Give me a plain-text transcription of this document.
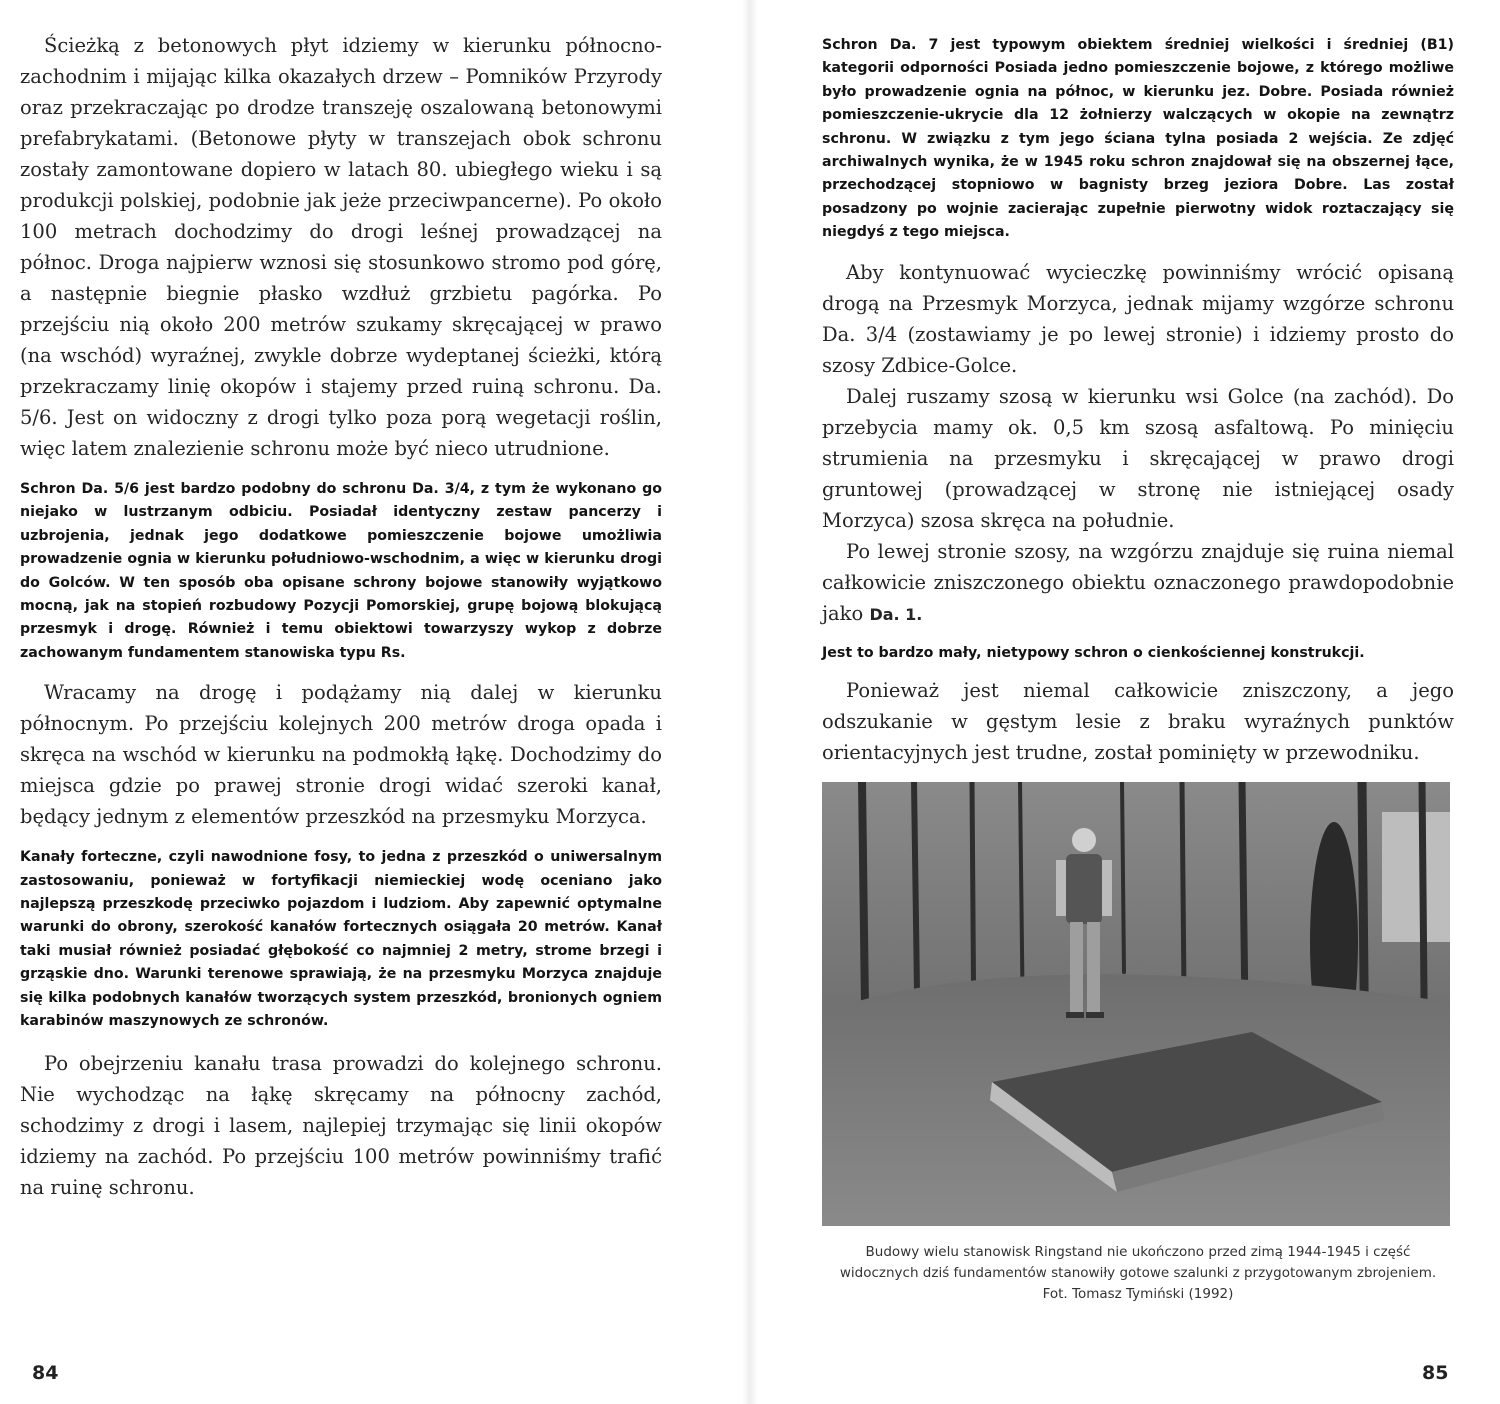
Ścieżką z betonowych płyt idziemy w kierunku północno- zachodnim i mijając kilka okazałych drzew – Pomników Przyrody oraz przekraczając po drodze transzeję oszalowaną betonowymi prefabrykatami. (Betonowe płyty w transzejach obok schronu zostały zamontowane dopiero w latach 80. ubiegłego wieku i są produkcji polskiej, podobnie jak jeże przeciwpancerne). Po około 100 metrach dochodzimy do drogi leśnej prowadzącej na północ. Droga najpierw wznosi się stosunkowo stromo pod górę, a następnie biegnie płasko wzdłuż grzbietu pagórka. Po przejściu nią około 200 metrów szukamy skręcającej w prawo (na wschód) wyraźnej, zwykle dobrze wydeptanej ścieżki, którą przekraczamy linię okopów i stajemy przed ruiną schronu. Da. 5/6. Jest on widoczny z drogi tylko poza porą wegetacji roślin, więc latem znalezienie schronu może być nieco utrudnione.

Schron Da. 5/6 jest bardzo podobny do schronu Da. 3/4, z tym że wykonano go niejako w lustrzanym odbiciu. Posiadał identyczny zestaw pancerzy i uzbrojenia, jednak jego dodatkowe pomieszczenie bojowe umożliwia prowadzenie ognia w kierunku południowo-wschodnim, a więc w kierunku drogi do Golców. W ten sposób oba opisane schrony bojowe stanowiły wyjątkowo mocną, jak na stopień rozbudowy Pozycji Pomorskiej, grupę bojową blokującą przesmyk i drogę. Również i temu obiektowi towarzyszy wykop z dobrze zachowanym fundamentem stanowiska typu Rs.

Wracamy na drogę i podążamy nią dalej w kierunku północnym. Po przejściu kolejnych 200 metrów droga opada i skręca na wschód w kierunku na podmokłą łąkę. Dochodzimy do miejsca gdzie po prawej stronie drogi widać szeroki kanał, będący jednym z elementów przeszkód na przesmyku Morzyca.

Kanały forteczne, czyli nawodnione fosy, to jedna z przeszkód o uniwersalnym zastosowaniu, ponieważ w fortyfikacji niemieckiej wodę oceniano jako najlepszą przeszkodę przeciwko pojazdom i ludziom. Aby zapewnić optymalne warunki do obrony, szerokość kanałów fortecznych osiągała 20 metrów. Kanał taki musiał również posiadać głębokość co najmniej 2 metry, strome brzegi i grząskie dno. Warunki terenowe sprawiają, że na przesmyku Morzyca znajduje się kilka podobnych kanałów tworzących system przeszkód, bronionych ogniem karabinów maszynowych ze schronów.

Po obejrzeniu kanału trasa prowadzi do kolejnego schronu. Nie wychodząc na łąkę skręcamy na północny zachód, schodzimy z drogi i lasem, najlepiej trzymając się linii okopów idziemy na zachód. Po przejściu 100 metrów powinniśmy trafić na ruinę schronu.

84
Schron Da. 7 jest typowym obiektem średniej wielkości i średniej (B1) kategorii odporności Posiada jedno pomieszczenie bojowe, z którego możliwe było prowadzenie ognia na północ, w kierunku jez. Dobre. Posiada również pomieszczenie-ukrycie dla 12 żołnierzy walczących w okopie na zewnątrz schronu. W związku z tym jego ściana tylna posiada 2 wejścia. Ze zdjęć archiwalnych wynika, że w 1945 roku schron znajdował się na obszernej łące, przechodzącej stopniowo w bagnisty brzeg jeziora Dobre. Las został posadzony po wojnie zacierając zupełnie pierwotny widok roztaczający się niegdyś z tego miejsca.

Aby kontynuować wycieczkę powinniśmy wrócić opisaną drogą na Przesmyk Morzyca, jednak mijamy wzgórze schronu Da. 3/4 (zostawiamy je po lewej stronie) i idziemy prosto do szosy Zdbice-Golce.

Dalej ruszamy szosą w kierunku wsi Golce (na zachód). Do przebycia mamy ok. 0,5 km szosą asfaltową. Po minięciu strumienia na przesmyku i skręcającej w prawo drogi gruntowej (prowadzącej w stronę nie istniejącej osady Morzyca) szosa skręca na południe.

Po lewej stronie szosy, na wzgórzu znajduje się ruina niemal całkowicie zniszczonego obiektu oznaczonego prawdopodobnie jako Da. 1.

Jest to bardzo mały, nietypowy schron o cienkościennej konstrukcji.

Ponieważ jest niemal całkowicie zniszczony, a jego odszukanie w gęstym lesie z braku wyraźnych punktów orientacyjnych jest trudne, został pominięty w przewodniku.

Budowy wielu stanowisk Ringstand nie ukończono przed zimą 1944-1945 i część widocznych dziś fundamentów stanowiły gotowe szalunki z przygotowanym zbrojeniem. Fot. Tomasz Tymiński (1992)
85
